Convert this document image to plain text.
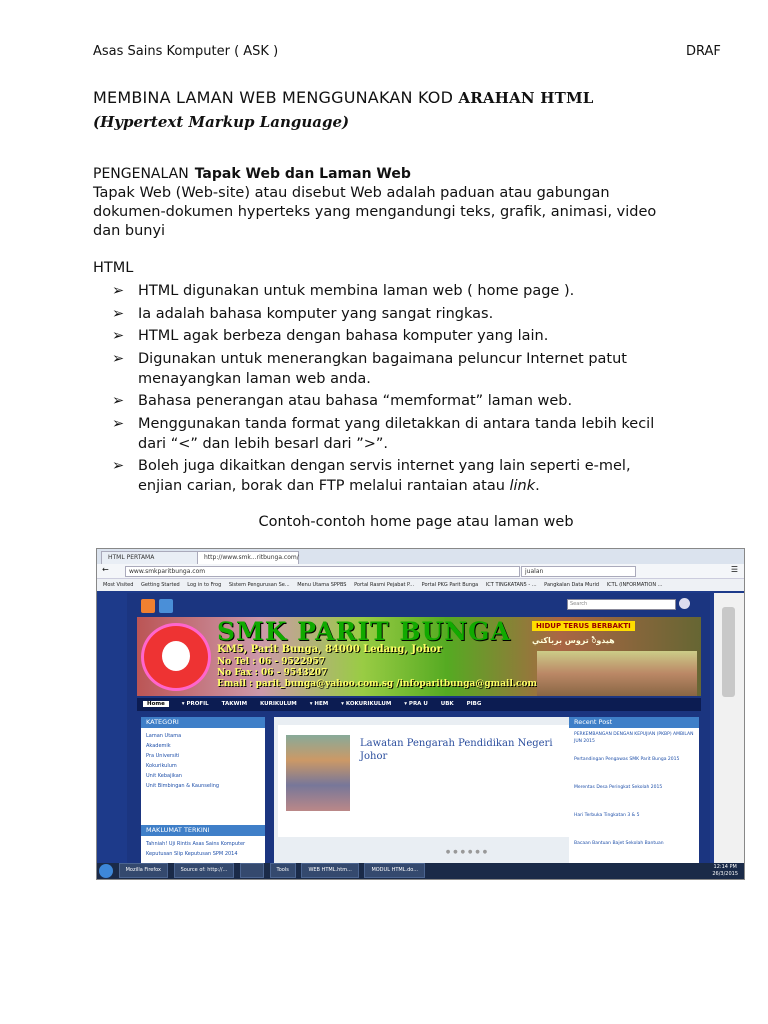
Asas Sains Komputer ( ASK )	DRAF
MEMBINA LAMAN WEB MENGGUNAKAN KOD ARAHAN HTML
(Hypertext Markup Language)
PENGENALAN Tapak Web dan Laman Web
Tapak Web (Web-site) atau disebut Web adalah paduan atau gabungan dokumen-dokumen hyperteks yang mengandungi teks, grafik, animasi, video dan bunyi
HTML
➢ HTML digunakan untuk membina laman web ( home page ).
➢ Ia adalah bahasa komputer yang sangat ringkas.
➢ HTML agak berbeza dengan bahasa komputer yang lain.
➢ Digunakan untuk menerangkan bagaimana peluncur Internet patut menayangkan laman web anda.
➢ Bahasa penerangan atau bahasa “memformat” laman web.
➢ Menggunakan tanda format yang diletakkan di antara tanda lebih kecil dari “<” dan lebih besarl dari ”>”.
➢ Boleh juga dikaitkan dengan servis internet yang lain seperti e-mel, enjian carian, borak dan FTP melalui rantaian atau link.
Contoh-contoh home page atau laman web
HTML PERTAMA	http://www.smk...ritbunga.com/
←	www.smkparitbunga.com	jualan	☰
Most Visited Getting Started Log in to Frog Sistem Pengurusan Se... Menu Utama SPPBS Portal Rasmi Pejabat P... Portal PKG Parit Bunga ICT TINGKATAN5 - ... Pangkalan Data Murid ICTL (INFORMATION ...
Search
SMK PARIT BUNGA
KM5, Parit Bunga, 84000 Ledang, Johor
No Tel : 06 - 9522957
No Fax : 06 - 9543207
Email : parit_bunga@yahoo.com.sg /infoparitbunga@gmail.com
HIDUP TERUS BERBAKTI
هيدوै تروس برباكتي
Home	▾ PROFIL TAKWIM KURIKULUM ▾ HEM ▾ KOKURIKULUM ▾ PRA U UBK PIBG
KATEGORI
Laman Utama
Akademik
Pra Universiti
Kokurikulum
Unit Kebajikan
Unit Bimbingan & Kaunseling
MAKLUMAT TERKINI
Tahniah! Uji Rintis Asas Sains Komputer
Keputusan Slip Keputusan SPM 2014
Lawatan Pengarah Pendidikan Negeri Johor
●●●●●●
Recent Post
PERKEMBANGAN DENGAN KEPUJIAN (PKBP) AMBILAN JUN 2015
Pertandingan Pengawas SMK Parit Bunga 2015
Merentas Desa Peringkat Sekolah 2015
Hari Terbuka Tingkatan 3 & 5
Bacaan Bantuan Bajet Sekolah Bantuan
Mozilla Firefox	Source of: http://...	Tools	WEB HTML.htm...	MODUL HTML.do...	12:14 PM
26/3/2015
